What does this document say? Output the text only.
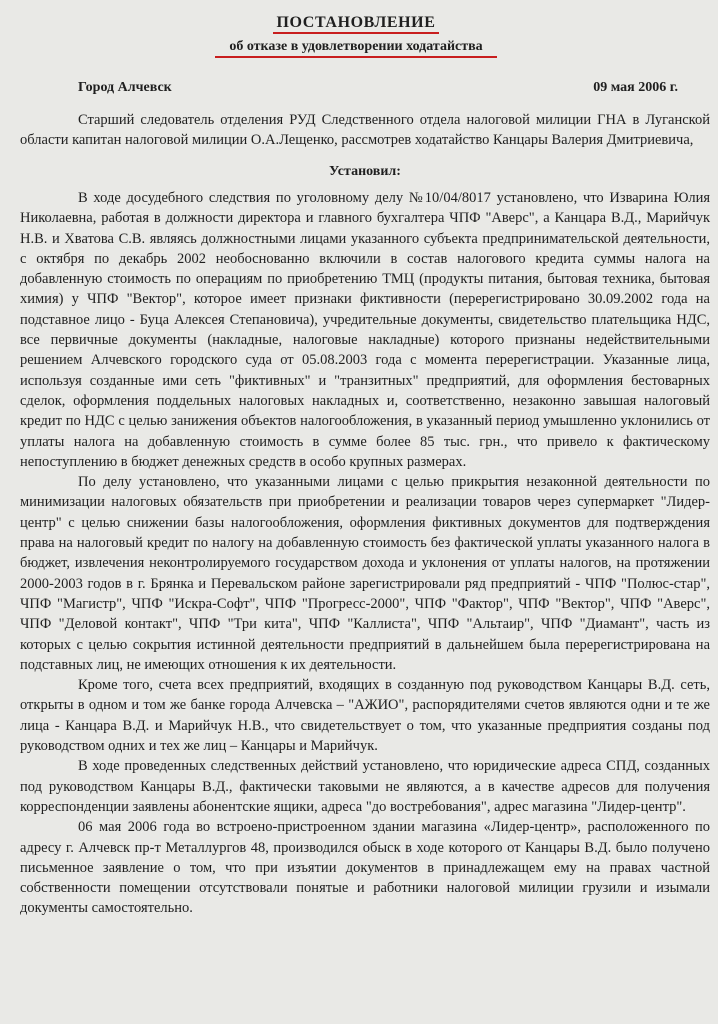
ПОСТАНОВЛЕНИЕ
об отказе в удовлетворении ходатайства
Город Алчевск	09 мая 2006 г.
Старший следователь отделения РУД Следственного отдела налоговой милиции ГНА в Луганской области капитан налоговой милиции О.А.Лещенко, рассмотрев ходатайство Канцары Валерия Дмитриевича,
Установил:

В ходе досудебного следствия по уголовному делу №10/04/8017 установлено, что Изварина Юлия Николаевна, работая в должности директора и главного бухгалтера ЧПФ "Аверс", а Канцара В.Д., Марийчук Н.В. и Хватова С.В. являясь должностными лицами указанного субъекта предпринимательской деятельности, с октября по декабрь 2002 необоснованно включили в состав налогового кредита суммы налога на добавленную стоимость по операциям по приобретению ТМЦ (продукты питания, бытовая техника, бытовая химия) у ЧПФ "Вектор", которое имеет признаки фиктивности (перерегистрировано 30.09.2002 года на подставное лицо - Буца Алексея Степановича), учредительные документы, свидетельство плательщика НДС, все первичные документы (накладные, налоговые накладные) которого признаны недействительными решением Алчевского городского суда от 05.08.2003 года с момента перерегистрации. Указанные лица, используя созданные ими сеть "фиктивных" и "транзитных" предприятий, для оформления бестоварных сделок, оформления поддельных налоговых накладных и, соответственно, незаконно завышая налоговый кредит по НДС с целью занижения объектов налогообложения, в указанный период умышленно уклонились от уплаты налога на добавленную стоимость в сумме более 85 тыс. грн., что привело к фактическому непоступлению в бюджет денежных средств в особо крупных размерах.

По делу установлено, что указанными лицами с целью прикрытия незаконной деятельности по минимизации налоговых обязательств при приобретении и реализации товаров через супермаркет "Лидер-центр" с целью снижении базы налогообложения, оформления фиктивных документов для подтверждения права на налоговый кредит по налогу на добавленную стоимость без фактической уплаты указанного налога в бюджет, извлечения неконтролируемого государством дохода и уклонения от уплаты налогов, на протяжении 2000-2003 годов в г. Брянка и Перевальском районе зарегистрировали ряд предприятий - ЧПФ "Полюс-стар", ЧПФ "Магистр", ЧПФ "Искра-Софт", ЧПФ "Прогресс-2000", ЧПФ "Фактор", ЧПФ "Вектор", ЧПФ "Аверс", ЧПФ "Деловой контакт", ЧПФ "Три кита", ЧПФ "Каллиста", ЧПФ "Альтаир", ЧПФ "Диамант", часть из которых с целью сокрытия истинной деятельности предприятий в дальнейшем была перерегистрирована на подставных лиц, не имеющих отношения к их деятельности.

Кроме того, счета всех предприятий, входящих в созданную под руководством Канцары В.Д. сеть, открыты в одном и том же банке города Алчевска – "АЖИО", распорядителями счетов являются одни и те же лица - Канцара В.Д. и Марийчук Н.В., что свидетельствует о том, что указанные предприятия созданы под руководством одних и тех же лиц – Канцары и Марийчук.

В ходе проведенных следственных действий установлено, что юридические адреса СПД, созданных под руководством Канцары В.Д., фактически таковыми не являются, а в качестве адресов для получения корреспонденции заявлены абонентские ящики, адреса "до востребования", адрес магазина "Лидер-центр".

06 мая 2006 года во встроено-пристроенном здании магазина «Лидер-центр», расположенного по адресу г. Алчевск пр-т Металлургов 48, производился обыск в ходе которого от Канцары В.Д. было получено письменное заявление о том, что при изъятии документов в принадлежащем ему на правах частной собственности помещении отсутствовали понятые и работники налоговой милиции грузили и изымали документы самостоятельно.
